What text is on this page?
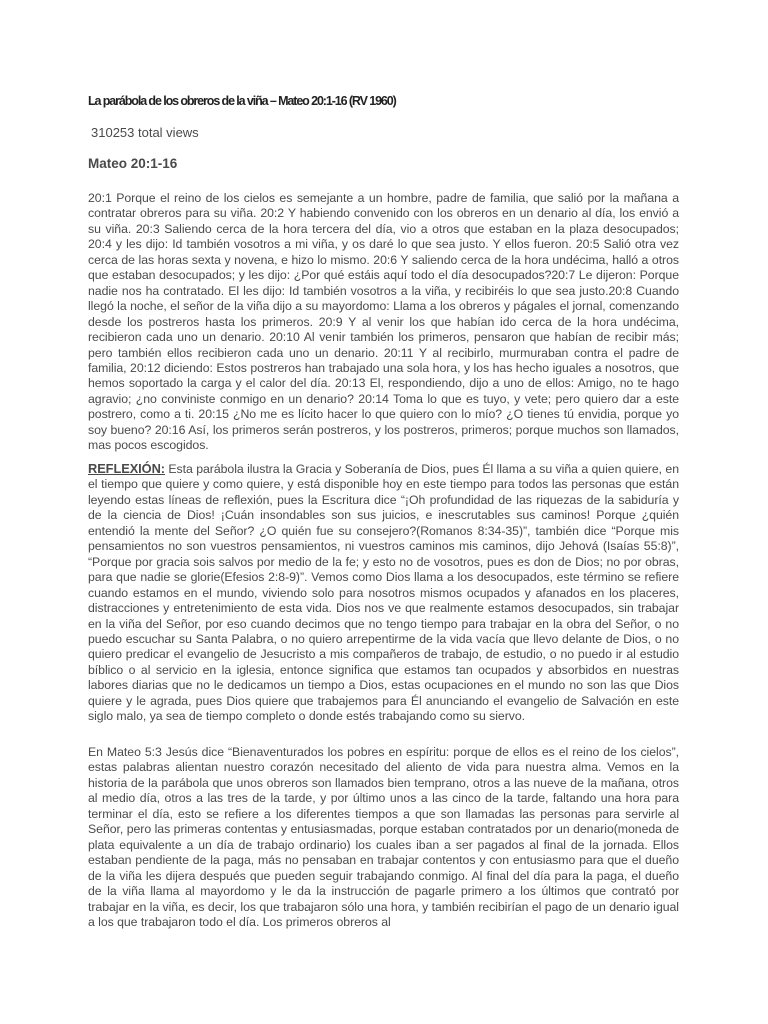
La parábola de los obreros de la viña – Mateo 20:1-16 (RV 1960)
310253 total views
Mateo 20:1-16

20:1 Porque el reino de los cielos es semejante a un hombre, padre de familia, que salió por la mañana a contratar obreros para su viña. 20:2 Y habiendo convenido con los obreros en un denario al día, los envió a su viña. 20:3 Saliendo cerca de la hora tercera del día, vio a otros que estaban en la plaza desocupados; 20:4 y les dijo: Id también vosotros a mi viña, y os daré lo que sea justo. Y ellos fueron. 20:5 Salió otra vez cerca de las horas sexta y novena, e hizo lo mismo. 20:6 Y saliendo cerca de la hora undécima, halló a otros que estaban desocupados; y les dijo: ¿Por qué estáis aquí todo el día desocupados?20:7 Le dijeron: Porque nadie nos ha contratado. El les dijo: Id también vosotros a la viña, y recibiréis lo que sea justo.20:8 Cuando llegó la noche, el señor de la viña dijo a su mayordomo: Llama a los obreros y págales el jornal, comenzando desde los postreros hasta los primeros. 20:9 Y al venir los que habían ido cerca de la hora undécima, recibieron cada uno un denario. 20:10 Al venir también los primeros, pensaron que habían de recibir más; pero también ellos recibieron cada uno un denario. 20:11 Y al recibirlo, murmuraban contra el padre de familia, 20:12 diciendo: Estos postreros han trabajado una sola hora, y los has hecho iguales a nosotros, que hemos soportado la carga y el calor del día. 20:13 El, respondiendo, dijo a uno de ellos: Amigo, no te hago agravio; ¿no conviniste conmigo en un denario? 20:14 Toma lo que es tuyo, y vete; pero quiero dar a este postrero, como a ti. 20:15 ¿No me es lícito hacer lo que quiero con lo mío? ¿O tienes tú envidia, porque yo soy bueno? 20:16 Así, los primeros serán postreros, y los postreros, primeros; porque muchos son llamados, mas pocos escogidos.

REFLEXIÓN: Esta parábola ilustra la Gracia y Soberanía de Dios, pues Él llama a su viña a quien quiere, en el tiempo que quiere y como quiere, y está disponible hoy en este tiempo para todos las personas que están leyendo estas líneas de reflexión, pues la Escritura dice “¡Oh profundidad de las riquezas de la sabiduría y de la ciencia de Dios! ¡Cuán insondables son sus juicios, e inescrutables sus caminos! Porque ¿quién entendió la mente del Señor? ¿O quién fue su consejero?(Romanos 8:34-35)”, también dice “Porque mis pensamientos no son vuestros pensamientos, ni vuestros caminos mis caminos, dijo Jehová (Isaías 55:8)”, “Porque por gracia sois salvos por medio de la fe; y esto no de vosotros, pues es don de Dios; no por obras, para que nadie se glorie(Efesios 2:8-9)”. Vemos como Dios llama a los desocupados, este término se refiere cuando estamos en el mundo, viviendo solo para nosotros mismos ocupados y afanados en los placeres, distracciones y entretenimiento de esta vida. Dios nos ve que realmente estamos desocupados, sin trabajar en la viña del Señor, por eso cuando decimos que no tengo tiempo para trabajar en la obra del Señor, o no puedo escuchar su Santa Palabra, o no quiero arrepentirme de la vida vacía que llevo delante de Dios, o no quiero predicar el evangelio de Jesucristo a mis compañeros de trabajo, de estudio, o no puedo ir al estudio bíblico o al servicio en la iglesia, entonce significa que estamos tan ocupados y absorbidos en nuestras labores diarias que no le dedicamos un tiempo a Dios, estas ocupaciones en el mundo no son las que Dios quiere y le agrada, pues Dios quiere que trabajemos para Él anunciando el evangelio de Salvación en este siglo malo, ya sea de tiempo completo o donde estés trabajando como su siervo.

En Mateo 5:3 Jesús dice “Bienaventurados los pobres en espíritu: porque de ellos es el reino de los cielos”, estas palabras alientan nuestro corazón necesitado del aliento de vida para nuestra alma. Vemos en la historia de la parábola que unos obreros son llamados bien temprano, otros a las nueve de la mañana, otros al medio día, otros a las tres de la tarde, y por último unos a las cinco de la tarde, faltando una hora para terminar el día, esto se refiere a los diferentes tiempos a que son llamadas las personas para servirle al Señor, pero las primeras contentas y entusiasmadas, porque estaban contratados por un denario(moneda de plata equivalente a un día de trabajo ordinario) los cuales iban a ser pagados al final de la jornada. Ellos estaban pendiente de la paga, más no pensaban en trabajar contentos y con entusiasmo para que el dueño de la viña les dijera después que pueden seguir trabajando conmigo. Al final del día para la paga, el dueño de la viña llama al mayordomo y le da la instrucción de pagarle primero a los últimos que contrató por trabajar en la viña, es decir, los que trabajaron sólo una hora, y también recibirían el pago de un denario igual a los que trabajaron todo el día. Los primeros obreros al
